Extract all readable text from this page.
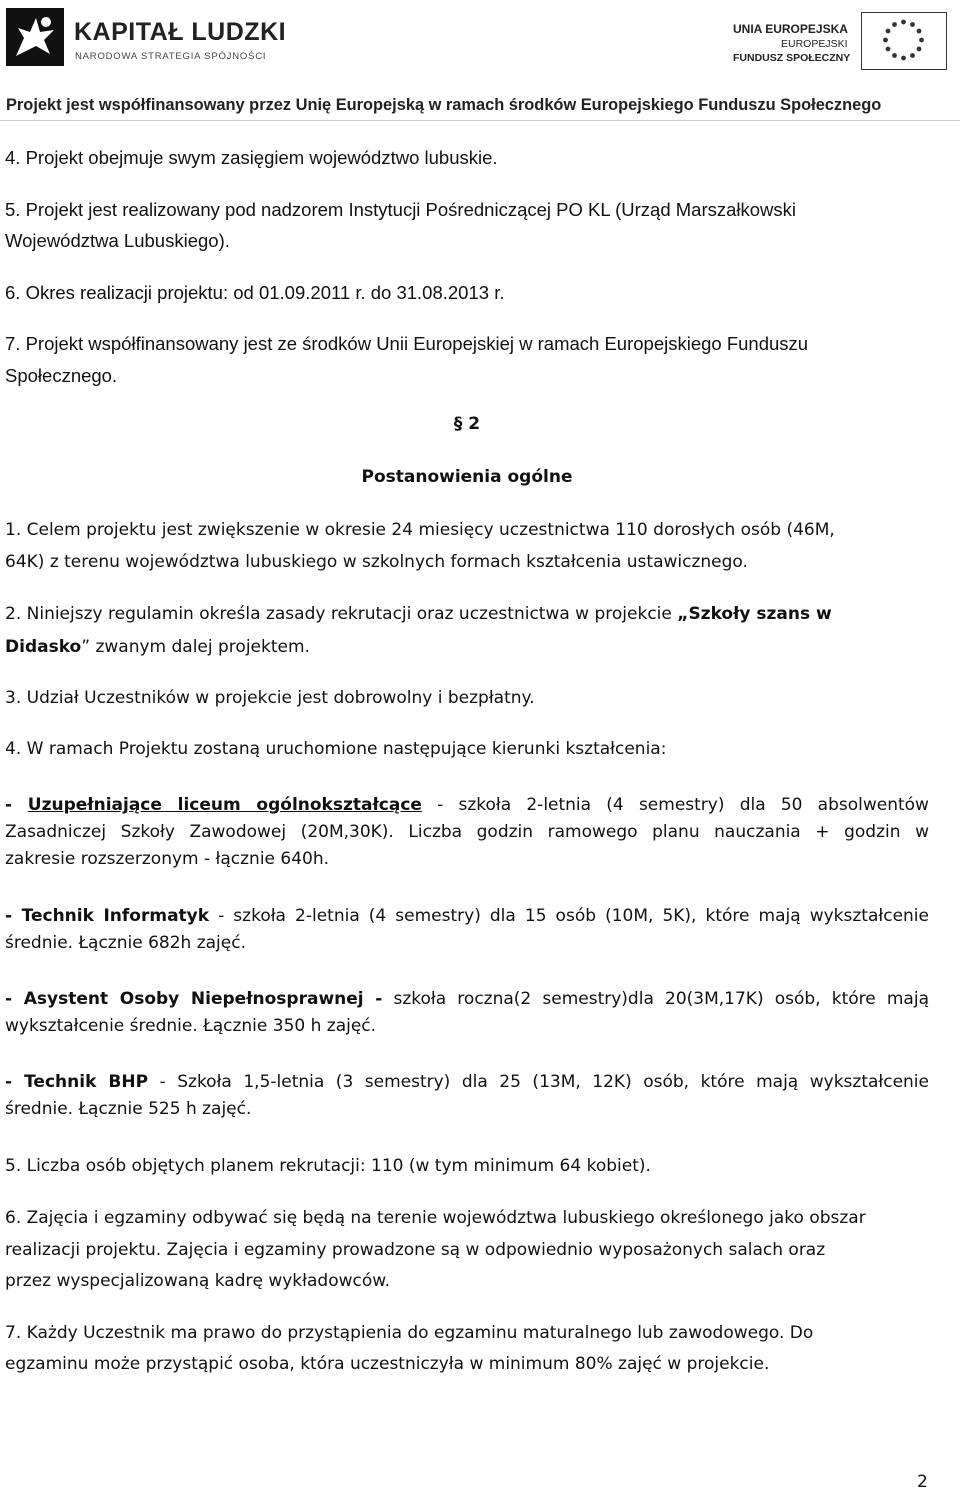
KAPITAŁ LUDZKI
NARODOWA STRATEGIA SPÓJNOŚCI
UNIA EUROPEJSKA
EUROPEJSKI
FUNDUSZ SPOŁECZNY
Projekt jest współfinansowany przez Unię Europejską w ramach środków Europejskiego Funduszu Społecznego
4. Projekt obejmuje swym zasięgiem województwo lubuskie.
5. Projekt jest realizowany pod nadzorem Instytucji Pośredniczącej PO KL (Urząd Marszałkowski
Województwa Lubuskiego).
6. Okres realizacji projektu: od 01.09.2011 r. do 31.08.2013 r.
7. Projekt współfinansowany jest ze środków Unii Europejskiej w ramach Europejskiego Funduszu
Społecznego.
§ 2
Postanowienia ogólne
1. Celem projektu jest zwiększenie w okresie 24 miesięcy uczestnictwa 110 dorosłych osób (46M,
64K) z terenu województwa lubuskiego w szkolnych formach kształcenia ustawicznego.
2. Niniejszy regulamin określa zasady rekrutacji oraz uczestnictwa w projekcie „Szkoły szans w
Didasko” zwanym dalej projektem.
3. Udział Uczestników w projekcie jest dobrowolny i bezpłatny.
4. W ramach Projektu zostaną uruchomione następujące kierunki kształcenia:
- Uzupełniające liceum ogólnokształcące - szkoła 2-letnia (4 semestry) dla 50 absolwentów
Zasadniczej Szkoły Zawodowej (20M,30K). Liczba godzin ramowego planu nauczania + godzin w
zakresie rozszerzonym - łącznie 640h.
- Technik Informatyk - szkoła 2-letnia (4 semestry) dla 15 osób (10M, 5K), które mają wykształcenie
średnie. Łącznie 682h zajęć.
- Asystent Osoby Niepełnosprawnej - szkoła roczna(2 semestry)dla 20(3M,17K) osób, które mają
wykształcenie średnie. Łącznie 350 h zajęć.
- Technik BHP - Szkoła 1,5-letnia (3 semestry) dla 25 (13M, 12K) osób, które mają wykształcenie
średnie. Łącznie 525 h zajęć.
5. Liczba osób objętych planem rekrutacji: 110 (w tym minimum 64 kobiet).
6. Zajęcia i egzaminy odbywać się będą na terenie województwa lubuskiego określonego jako obszar
realizacji projektu. Zajęcia i egzaminy prowadzone są w odpowiednio wyposażonych salach oraz
przez wyspecjalizowaną kadrę wykładowców.
7. Każdy Uczestnik ma prawo do przystąpienia do egzaminu maturalnego lub zawodowego. Do
egzaminu może przystąpić osoba, która uczestniczyła w minimum 80% zajęć w projekcie.
2
